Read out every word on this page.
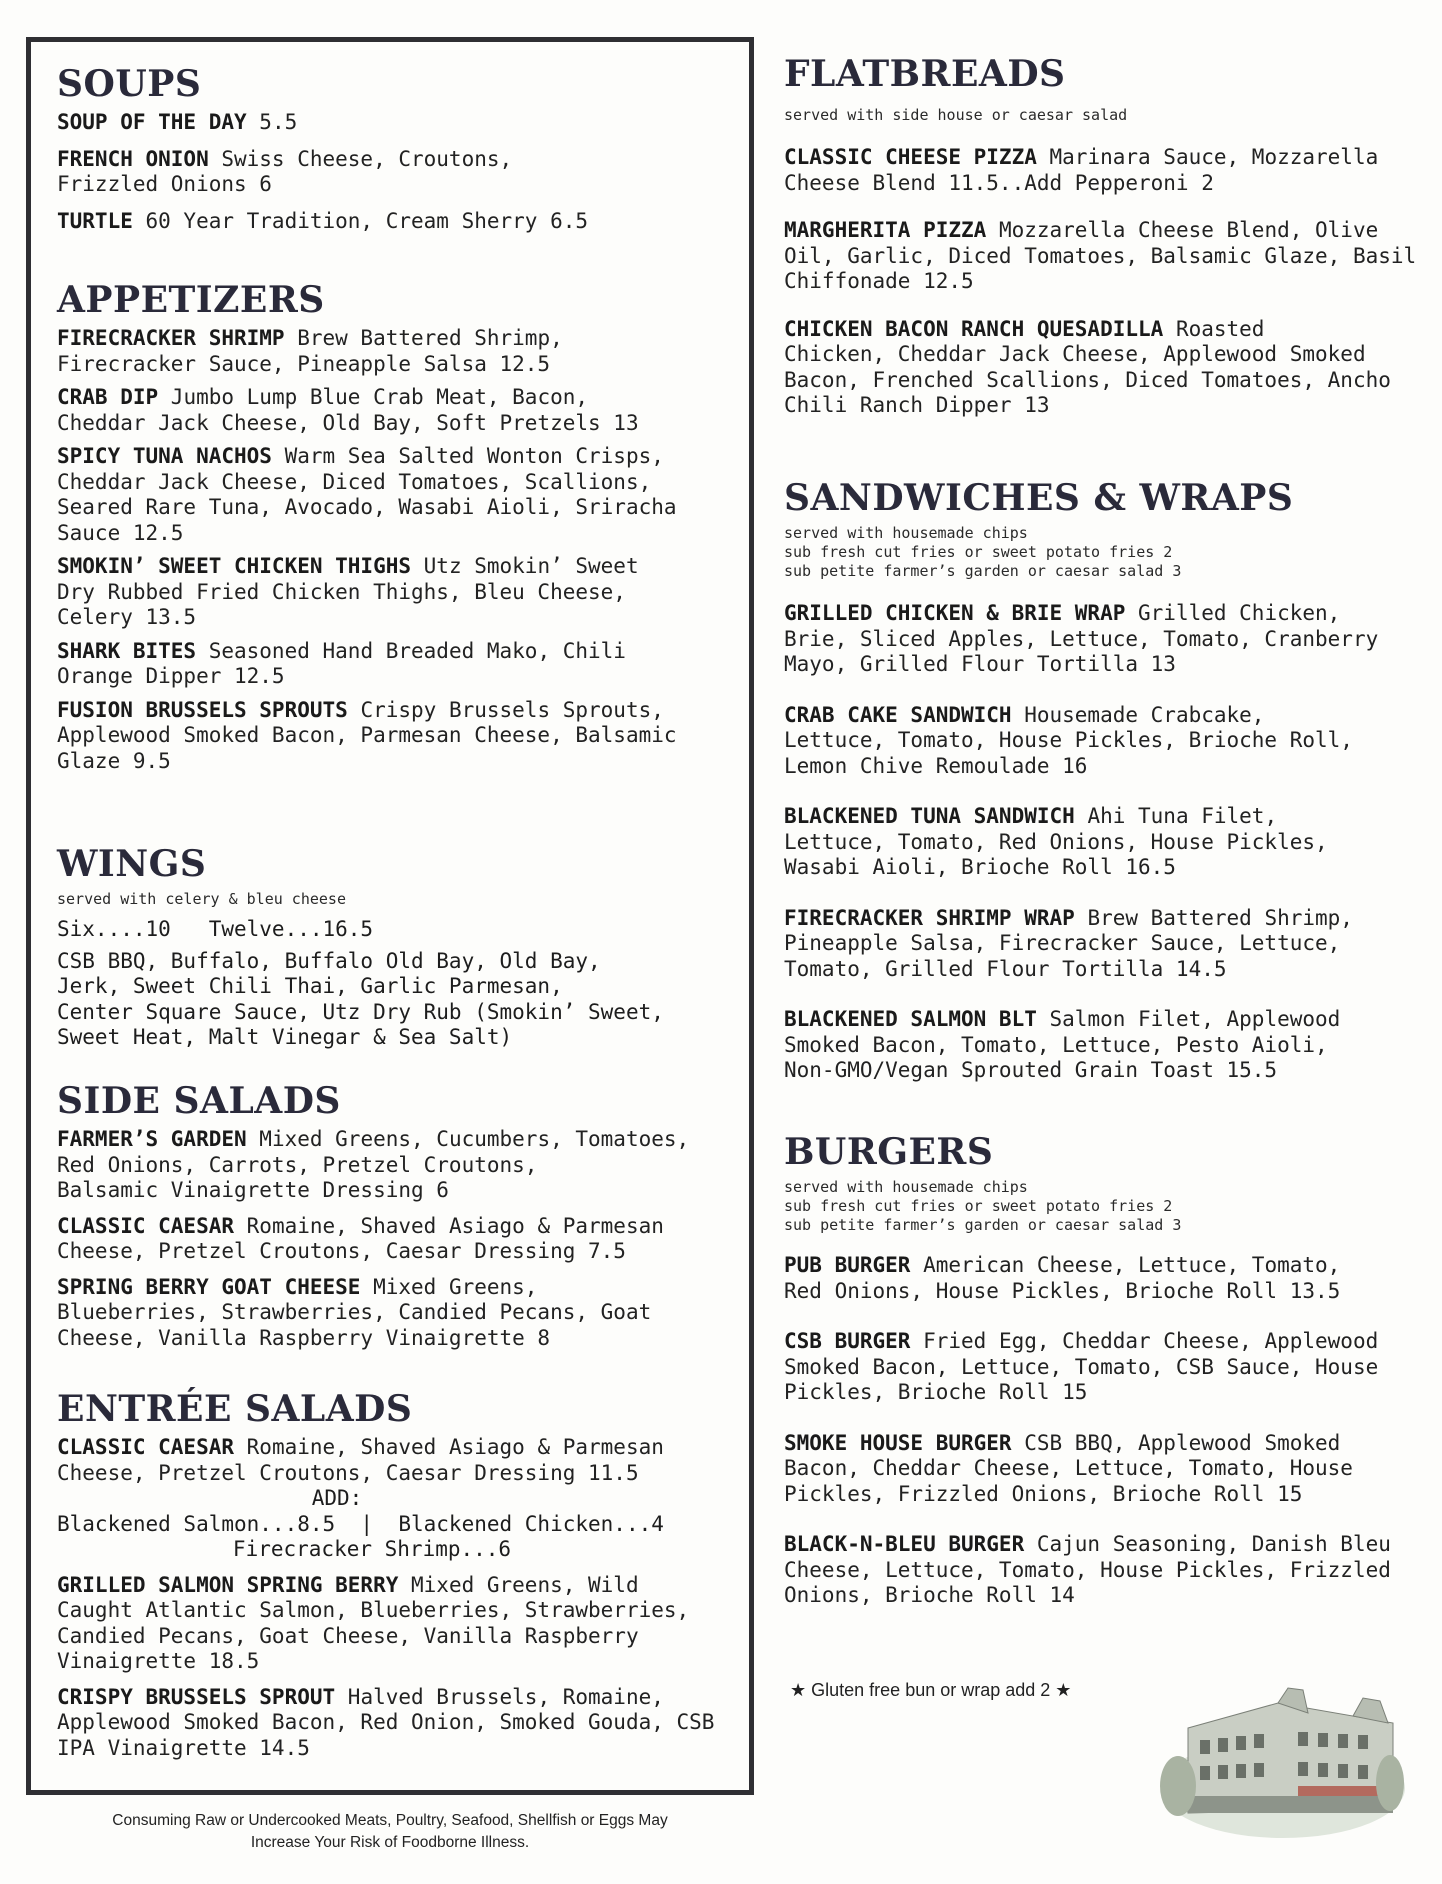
SOUPS

SOUP OF THE DAY 5.5

FRENCH ONION Swiss Cheese, Croutons,
Frizzled Onions 6

TURTLE 60 Year Tradition, Cream Sherry 6.5

APPETIZERS

FIRECRACKER SHRIMP Brew Battered Shrimp,
Firecracker Sauce, Pineapple Salsa 12.5

CRAB DIP Jumbo Lump Blue Crab Meat, Bacon,
Cheddar Jack Cheese, Old Bay, Soft Pretzels 13

SPICY TUNA NACHOS Warm Sea Salted Wonton Crisps,
Cheddar Jack Cheese, Diced Tomatoes, Scallions,
Seared Rare Tuna, Avocado, Wasabi Aioli, Sriracha
Sauce 12.5

SMOKIN’ SWEET CHICKEN THIGHS Utz Smokin’ Sweet
Dry Rubbed Fried Chicken Thighs, Bleu Cheese,
Celery 13.5

SHARK BITES Seasoned Hand Breaded Mako, Chili
Orange Dipper 12.5

FUSION BRUSSELS SPROUTS Crispy Brussels Sprouts,
Applewood Smoked Bacon, Parmesan Cheese, Balsamic
Glaze 9.5

WINGS
served with celery & bleu cheese
Six....10   Twelve...16.5
CSB BBQ, Buffalo, Buffalo Old Bay, Old Bay,
Jerk, Sweet Chili Thai, Garlic Parmesan,
Center Square Sauce, Utz Dry Rub (Smokin’ Sweet,
Sweet Heat, Malt Vinegar & Sea Salt)
SIDE SALADS

FARMER’S GARDEN Mixed Greens, Cucumbers, Tomatoes,
Red Onions, Carrots, Pretzel Croutons,
Balsamic Vinaigrette Dressing 6

CLASSIC CAESAR Romaine, Shaved Asiago & Parmesan
Cheese, Pretzel Croutons, Caesar Dressing 7.5

SPRING BERRY GOAT CHEESE Mixed Greens,
Blueberries, Strawberries, Candied Pecans, Goat
Cheese, Vanilla Raspberry Vinaigrette 8

ENTRÉE SALADS

CLASSIC CAESAR Romaine, Shaved Asiago & Parmesan
Cheese, Pretzel Croutons, Caesar Dressing 11.5

ADD:
Blackened Salmon...8.5  |  Blackened Chicken...4
Firecracker Shrimp...6

GRILLED SALMON SPRING BERRY Mixed Greens, Wild
Caught Atlantic Salmon, Blueberries, Strawberries,
Candied Pecans, Goat Cheese, Vanilla Raspberry
Vinaigrette 18.5

CRISPY BRUSSELS SPROUT Halved Brussels, Romaine,
Applewood Smoked Bacon, Red Onion, Smoked Gouda, CSB
IPA Vinaigrette 14.5

FLATBREADS
served with side house or caesar salad

CLASSIC CHEESE PIZZA Marinara Sauce, Mozzarella
Cheese Blend 11.5..Add Pepperoni 2

MARGHERITA PIZZA Mozzarella Cheese Blend, Olive
Oil, Garlic, Diced Tomatoes, Balsamic Glaze, Basil
Chiffonade 12.5

CHICKEN BACON RANCH QUESADILLA Roasted
Chicken, Cheddar Jack Cheese, Applewood Smoked
Bacon, Frenched Scallions, Diced Tomatoes, Ancho
Chili Ranch Dipper 13

SANDWICHES & WRAPS
served with housemade chips
sub fresh cut fries or sweet potato fries 2
sub petite farmer’s garden or caesar salad 3

GRILLED CHICKEN & BRIE WRAP Grilled Chicken,
Brie, Sliced Apples, Lettuce, Tomato, Cranberry
Mayo, Grilled Flour Tortilla 13

CRAB CAKE SANDWICH Housemade Crabcake,
Lettuce, Tomato, House Pickles, Brioche Roll,
Lemon Chive Remoulade 16

BLACKENED TUNA SANDWICH Ahi Tuna Filet,
Lettuce, Tomato, Red Onions, House Pickles,
Wasabi Aioli, Brioche Roll 16.5

FIRECRACKER SHRIMP WRAP Brew Battered Shrimp,
Pineapple Salsa, Firecracker Sauce, Lettuce,
Tomato, Grilled Flour Tortilla 14.5

BLACKENED SALMON BLT Salmon Filet, Applewood
Smoked Bacon, Tomato, Lettuce, Pesto Aioli,
Non-GMO/Vegan Sprouted Grain Toast 15.5

BURGERS
served with housemade chips
sub fresh cut fries or sweet potato fries 2
sub petite farmer’s garden or caesar salad 3

PUB BURGER American Cheese, Lettuce, Tomato,
Red Onions, House Pickles, Brioche Roll 13.5

CSB BURGER Fried Egg, Cheddar Cheese, Applewood
Smoked Bacon, Lettuce, Tomato, CSB Sauce, House
Pickles, Brioche Roll 15

SMOKE HOUSE BURGER CSB BBQ, Applewood Smoked
Bacon, Cheddar Cheese, Lettuce, Tomato, House
Pickles, Frizzled Onions, Brioche Roll 15

BLACK-N-BLEU BURGER Cajun Seasoning, Danish Bleu
Cheese, Lettuce, Tomato, House Pickles, Frizzled
Onions, Brioche Roll 14

★ Gluten free bun or wrap add 2 ★
Consuming Raw or Undercooked Meats, Poultry, Seafood, Shellfish or Eggs May
Increase Your Risk of Foodborne Illness.
